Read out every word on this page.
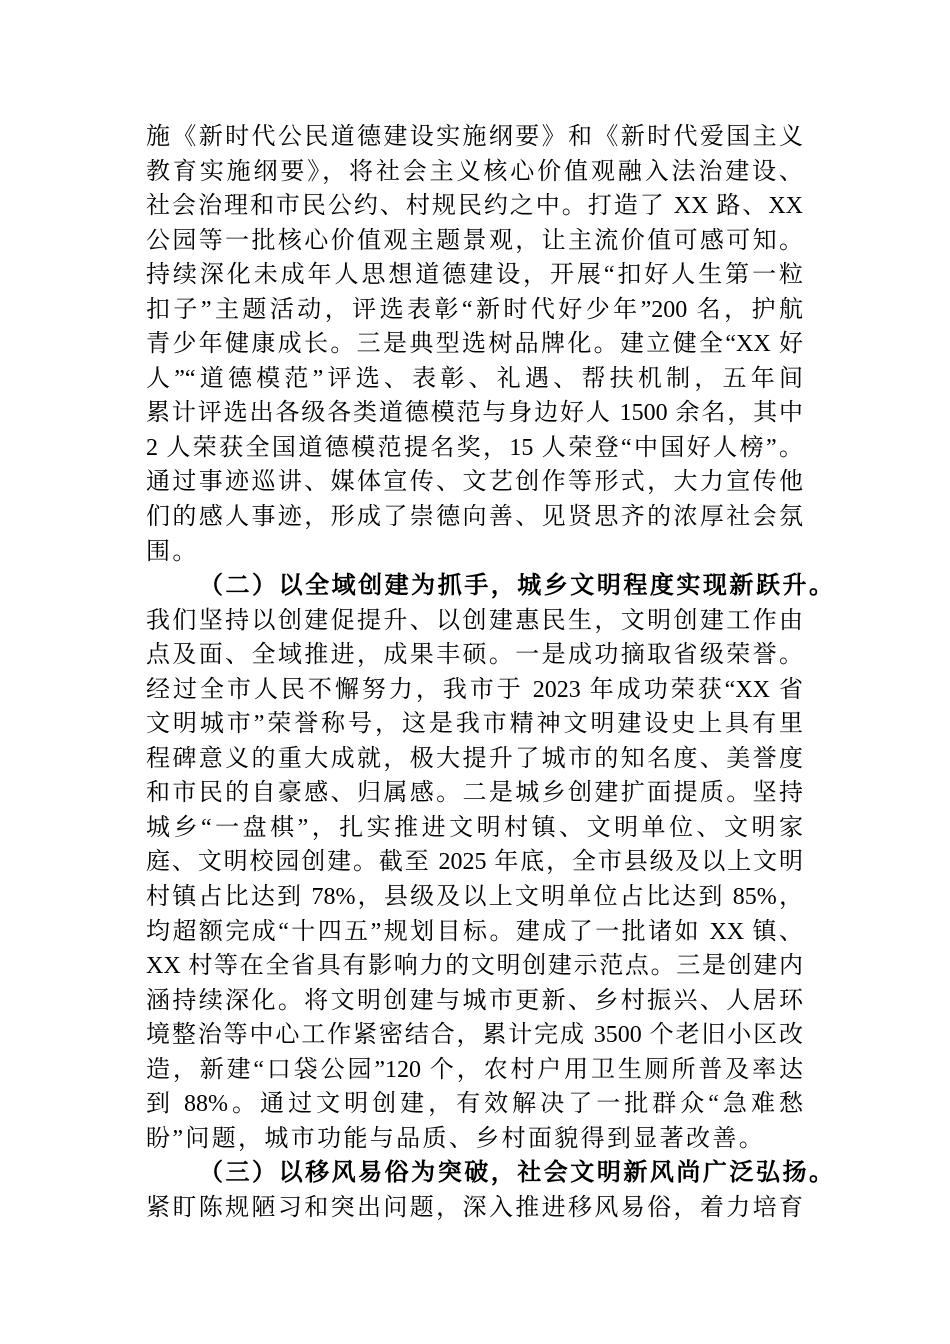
施《新时代公民道德建设实施纲要》和《新时代爱国主义
教育实施纲要》，将社会主义核心价值观融入法治建设、
社会治理和市民公约、村规民约之中。打造了 XX 路、XX
公园等一批核心价值观主题景观，让主流价值可感可知。
持续深化未成年人思想道德建设，开展“扣好人生第一粒
扣子”主题活动，评选表彰“新时代好少年”200 名，护航
青少年健康成长。三是典型选树品牌化。建立健全“XX 好
人”“道德模范”评选、表彰、礼遇、帮扶机制，五年间
累计评选出各级各类道德模范与身边好人 1500 余名，其中
2 人荣获全国道德模范提名奖，15 人荣登“中国好人榜”。
通过事迹巡讲、媒体宣传、文艺创作等形式，大力宣传他
们的感人事迹，形成了崇德向善、见贤思齐的浓厚社会氛
围。
（二）以全域创建为抓手，城乡文明程度实现新跃升。
我们坚持以创建促提升、以创建惠民生，文明创建工作由
点及面、全域推进，成果丰硕。一是成功摘取省级荣誉。
经过全市人民不懈努力，我市于 2023 年成功荣获“XX 省
文明城市”荣誉称号，这是我市精神文明建设史上具有里
程碑意义的重大成就，极大提升了城市的知名度、美誉度
和市民的自豪感、归属感。二是城乡创建扩面提质。坚持
城乡“一盘棋”，扎实推进文明村镇、文明单位、文明家
庭、文明校园创建。截至 2025 年底，全市县级及以上文明
村镇占比达到 78%，县级及以上文明单位占比达到 85%，
均超额完成“十四五”规划目标。建成了一批诸如 XX 镇、
XX 村等在全省具有影响力的文明创建示范点。三是创建内
涵持续深化。将文明创建与城市更新、乡村振兴、人居环
境整治等中心工作紧密结合，累计完成 3500 个老旧小区改
造，新建“口袋公园”120 个，农村户用卫生厕所普及率达
到 88%。通过文明创建，有效解决了一批群众“急难愁
盼”问题，城市功能与品质、乡村面貌得到显著改善。
（三）以移风易俗为突破，社会文明新风尚广泛弘扬。
紧盯陈规陋习和突出问题，深入推进移风易俗，着力培育
